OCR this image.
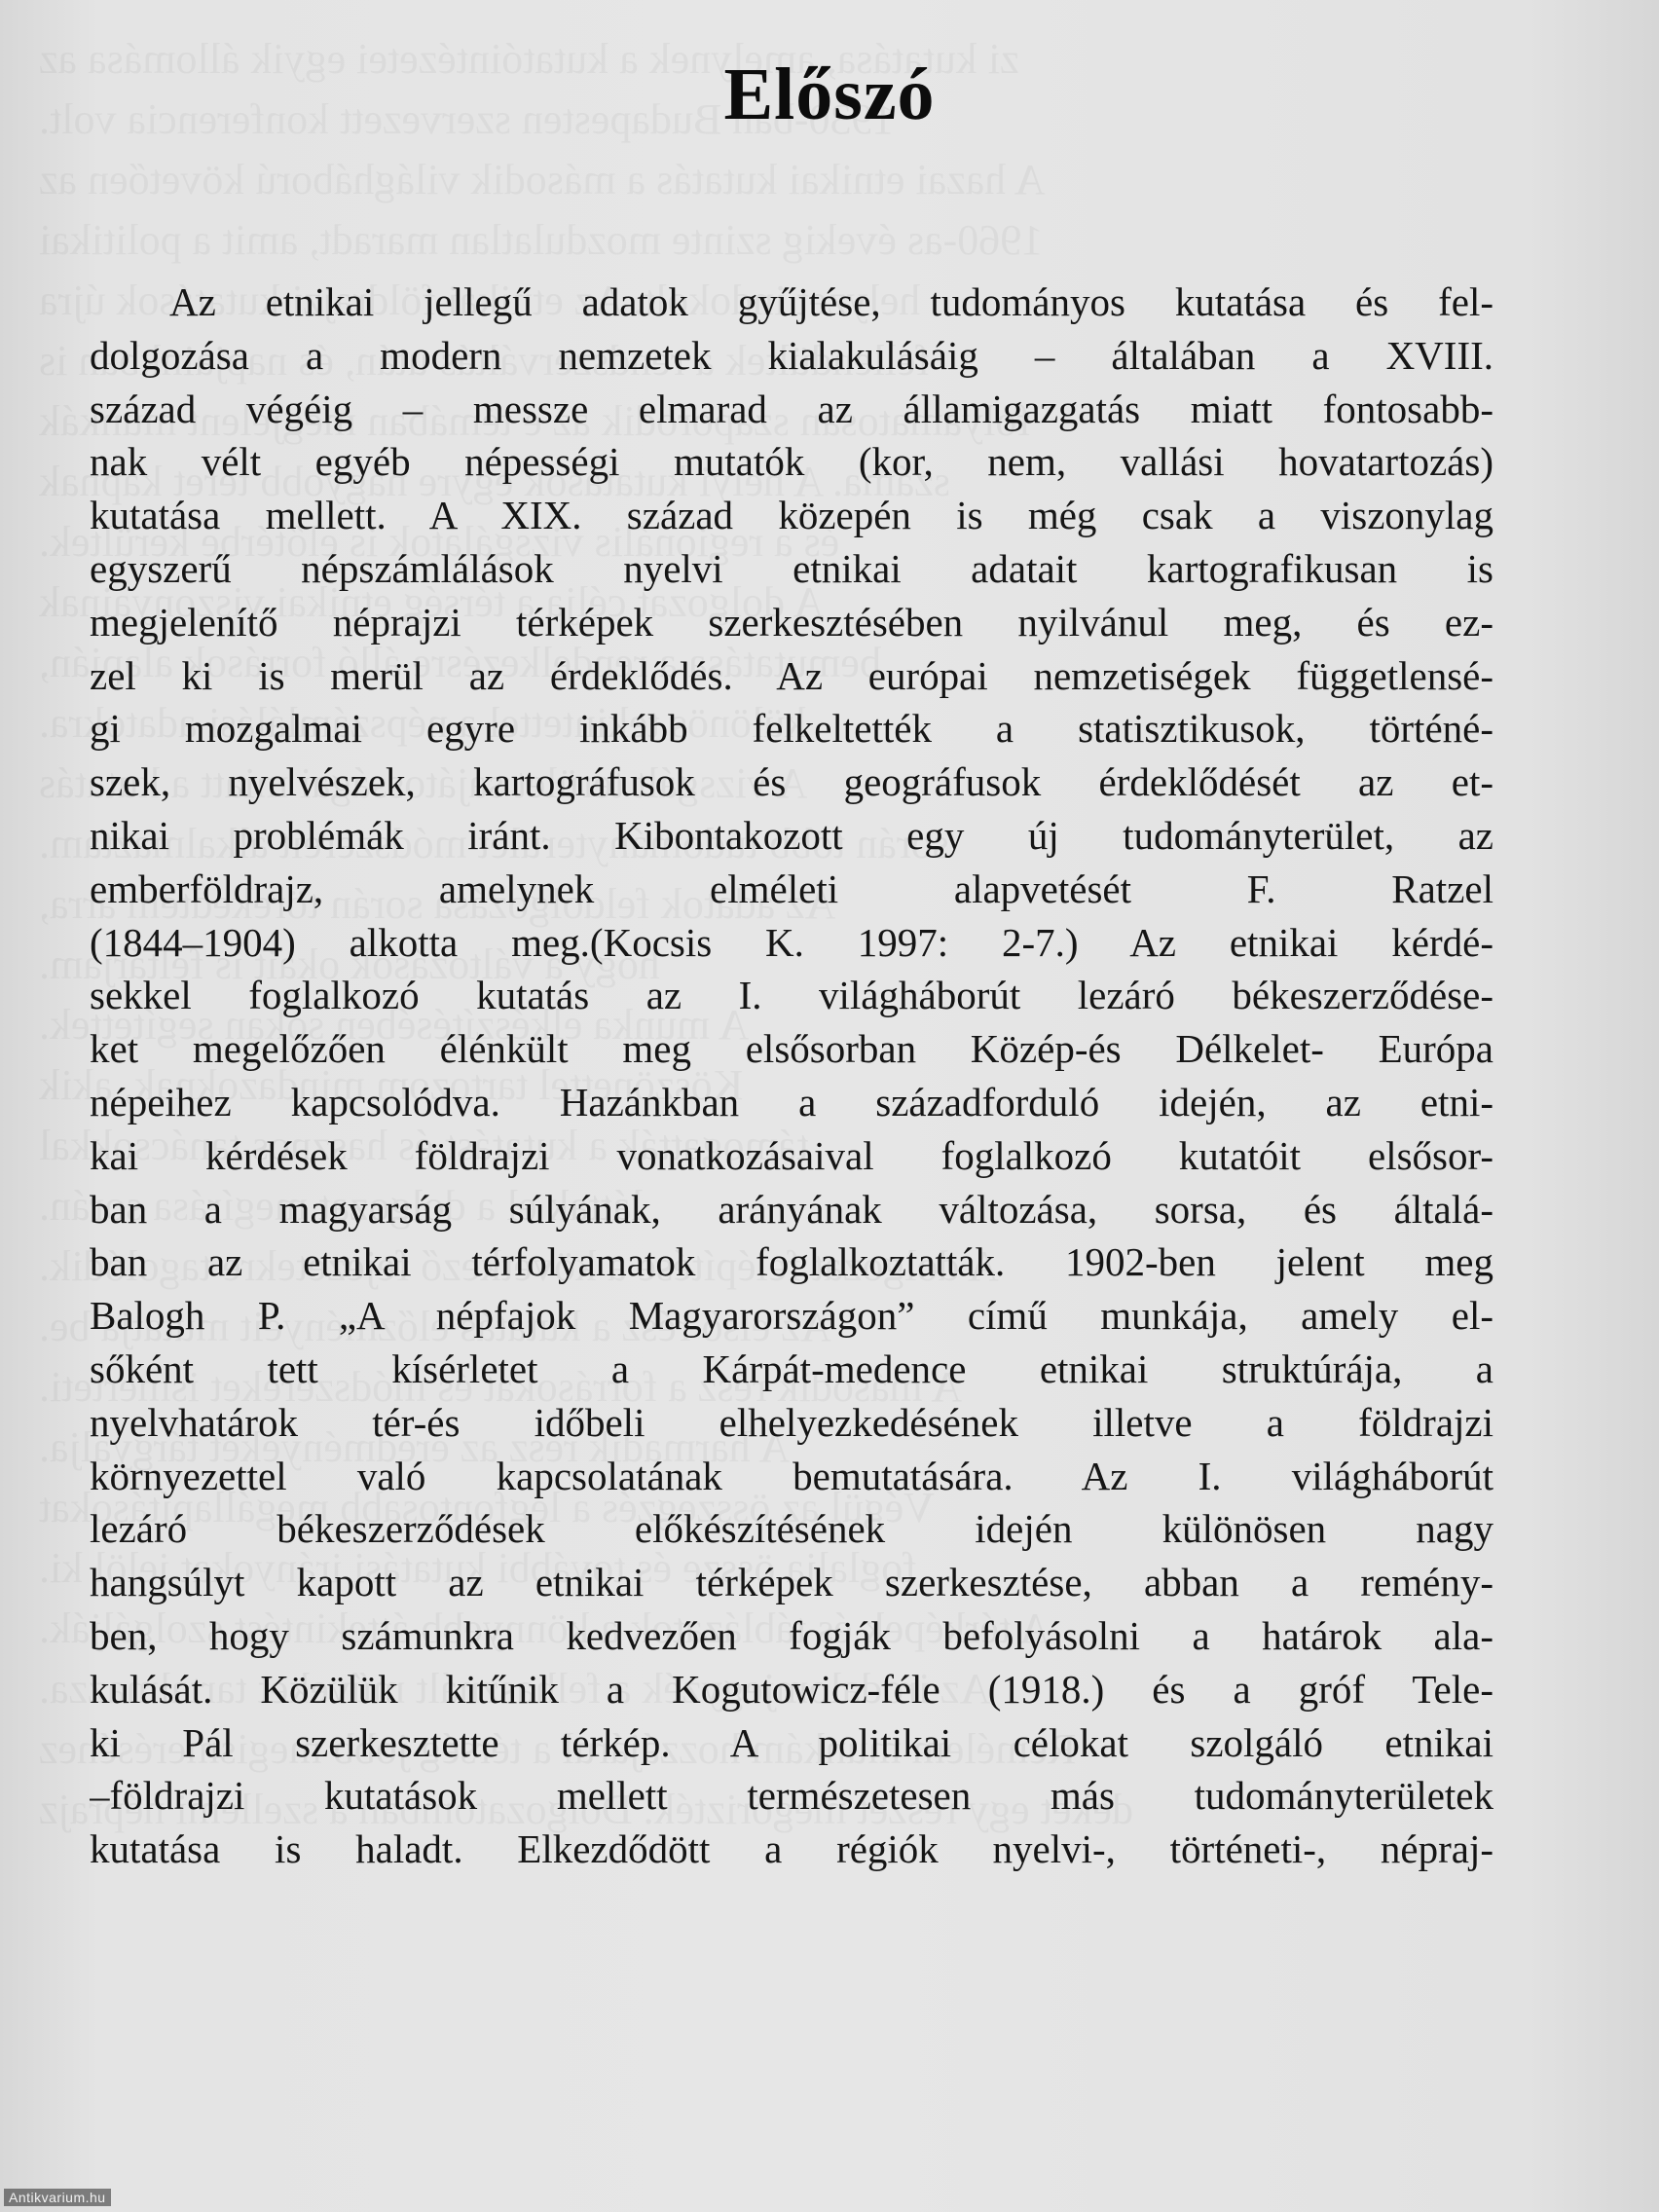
Előszó
Az etnikai jellegű adatok gyűjtése, tudományos kutatása és fel-
dolgozása a modern nemzetek kialakulásáig – általában a XVIII.
század végéig – messze elmarad az államigazgatás miatt fontosabb-
nak vélt egyéb népességi mutatók (kor, nem, vallási hovatartozás)
kutatása mellett. A XIX. század közepén is még csak a viszonylag
egyszerű népszámlálások nyelvi etnikai adatait kartografikusan is
megjelenítő néprajzi térképek szerkesztésében nyilvánul meg, és ez-
zel ki is merül az érdeklődés. Az európai nemzetiségek függetlensé-
gi mozgalmai egyre inkább felkeltették a statisztikusok, történé-
szek, nyelvészek, kartográfusok és geográfusok érdeklődését az et-
nikai problémák iránt. Kibontakozott egy új tudományterület, az
emberföldrajz, amelynek elméleti alapvetését F. Ratzel
(1844–1904) alkotta meg.(Kocsis K. 1997: 2-7.) Az etnikai kérdé-
sekkel foglalkozó kutatás az I. világháborút lezáró békeszerződése-
ket megelőzően élénkült meg elsősorban Közép-és Délkelet- Európa
népeihez kapcsolódva. Hazánkban a századforduló idején, az etni-
kai kérdések földrajzi vonatkozásaival foglalkozó kutatóit elsősor-
ban a magyarság súlyának, arányának változása, sorsa, és általá-
ban az etnikai térfolyamatok foglalkoztatták. 1902-ben jelent meg
Balogh P. „A népfajok Magyarországon” című munkája, amely el-
sőként tett kísérletet a Kárpát-medence etnikai struktúrája, a
nyelvhatárok tér-és időbeli elhelyezkedésének illetve a földrajzi
környezettel való kapcsolatának bemutatására. Az I. világháborút
lezáró békeszerződések előkészítésének idején különösen nagy
hangsúlyt kapott az etnikai térképek szerkesztése, abban a remény-
ben, hogy számunkra kedvezően fogják befolyásolni a határok ala-
kulását. Közülük kitűnik a Kogutowicz-féle (1918.) és a gróf Tele-
ki Pál szerkesztette térkép. A politikai célokat szolgáló etnikai
–földrajzi kutatások mellett természetesen más tudományterületek
kutatása is haladt. Elkezdődött a régiók nyelvi-, történeti-, népraj-
Antikvarium.hu
